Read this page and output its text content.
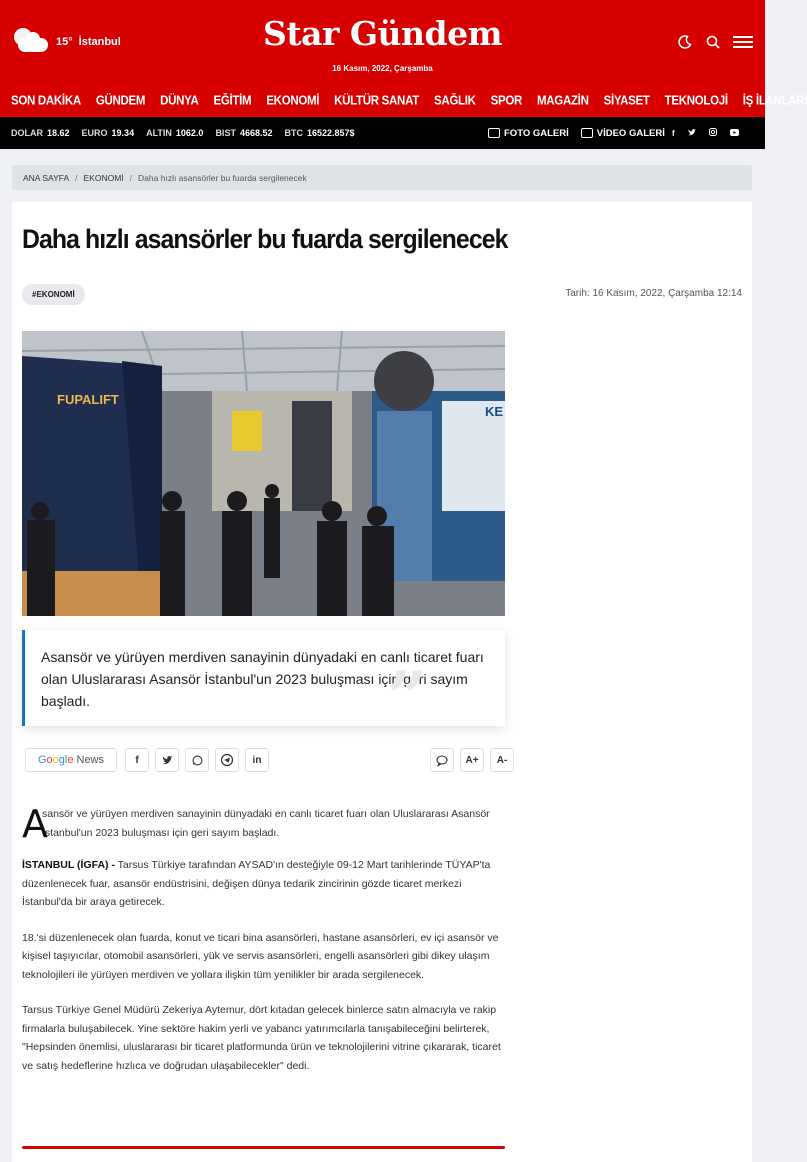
15° İstanbul	Star Gündem
16 Kasım, 2022, Çarşamba
SON DAKİKA GÜNDEM DÜNYA EĞİTİM EKONOMİ KÜLTÜR SANAT SAĞLIK SPOR MAGAZİN SİYASET TEKNOLOJİ İŞ İLANLARI
DOLAR 18.62 EURO 19.34 ALTIN 1062.0 BIST 4668.52 BTC 16522.857$	FOTO GALERİ	VİDEO GALERİ f
ANA SAYFA / EKONOMİ / Daha hızlı asansörler bu fuarda sergilenecek
Daha hızlı asansörler bu fuarda sergilenecek
#EKONOMİ	Tarih: 16 Kasım, 2022, Çarşamba 12:14
FUPALIFT
KE

Asansör ve yürüyen merdiven sanayinin dünyadaki en canlı ticaret fuarı olan Uluslararası Asansör İstanbul'un 2023 buluşması için geri sayım başladı.	”
G o o g l e News	f	in	A+	A-

A
sansör ve yürüyen merdiven sanayinin dünyadaki en canlı ticaret fuarı olan Uluslararası Asansör İstanbul'un 2023 buluşması için geri sayım başladı.

İSTANBUL (İGFA) - Tarsus Türkiye tarafından AYSAD'ın desteğiyle 09-12 Mart tarihlerinde TÜYAP'ta düzenlenecek fuar, asansör endüstrisini, değişen dünya tedarik zincirinin gözde ticaret merkezi İstanbul'da bir araya getirecek.

18.'si düzenlenecek olan fuarda, konut ve ticari bina asansörleri, hastane asansörleri, ev içi asansör ve kişisel taşıyıcılar, otomobil asansörleri, yük ve servis asansörleri, engelli asansörleri gibi dikey ulaşım teknolojileri ile yürüyen merdiven ve yollara ilişkin tüm yenilikler bir arada sergilenecek.

Tarsus Türkiye Genel Müdürü Zekeriya Aytemur, dört kıtadan gelecek binlerce satın almacıyla ve rakip firmalarla buluşabilecek. Yine sektöre hakim yerli ve yabancı yatırımcılarla tanışabileceğini belirterek, "Hepsinden önemlisi, uluslararası bir ticaret platformunda ürün ve teknolojilerini vitrine çıkararak, ticaret ve satış hedeflerine hızlıca ve doğrudan ulaşabilecekler" dedi.
